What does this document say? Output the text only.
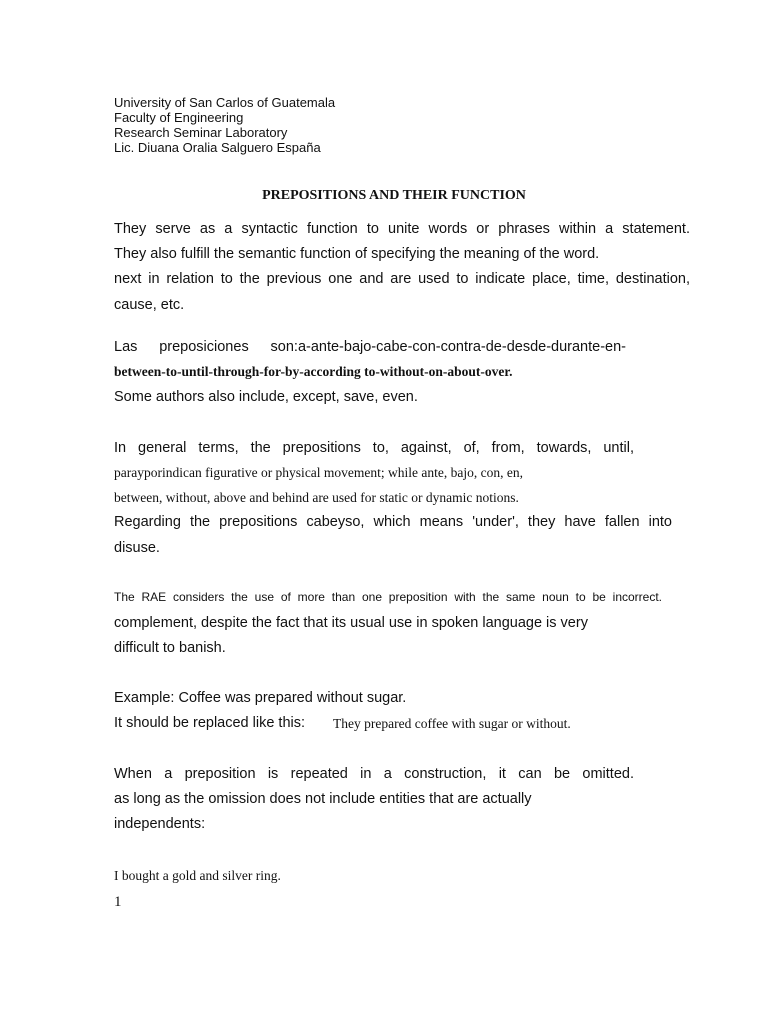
University of San Carlos of Guatemala

Faculty of Engineering

Research Seminar Laboratory

Lic. Diuana Oralia Salguero España

PREPOSITIONS AND THEIR FUNCTION

They serve as a syntactic function to unite words or phrases within a statement.

They also fulfill the semantic function of specifying the meaning of the word.

next in relation to the previous one and are used to indicate place, time, destination,

cause, etc.

Las preposiciones son:a-ante-bajo-cabe-con-contra-de-desde-durante-en-

between-to-until-through-for-by-according to-without-on-about-over.

Some authors also include, except, save, even.

In general terms, the prepositions to, against, of, from, towards, until,

parayporindican figurative or physical movement; while ante, bajo, con, en,

between, without, above and behind are used for static or dynamic notions.

Regarding the prepositions cabeyso, which means 'under', they have fallen into

disuse.

The RAE considers the use of more than one preposition with the same noun to be incorrect.

complement, despite the fact that its usual use in spoken language is very

difficult to banish.

Example: Coffee was prepared without sugar.

It should be replaced like this: They prepared coffee with sugar or without.

When a preposition is repeated in a construction, it can be omitted.

as long as the omission does not include entities that are actually

independents:

I bought a gold and silver ring.

1
